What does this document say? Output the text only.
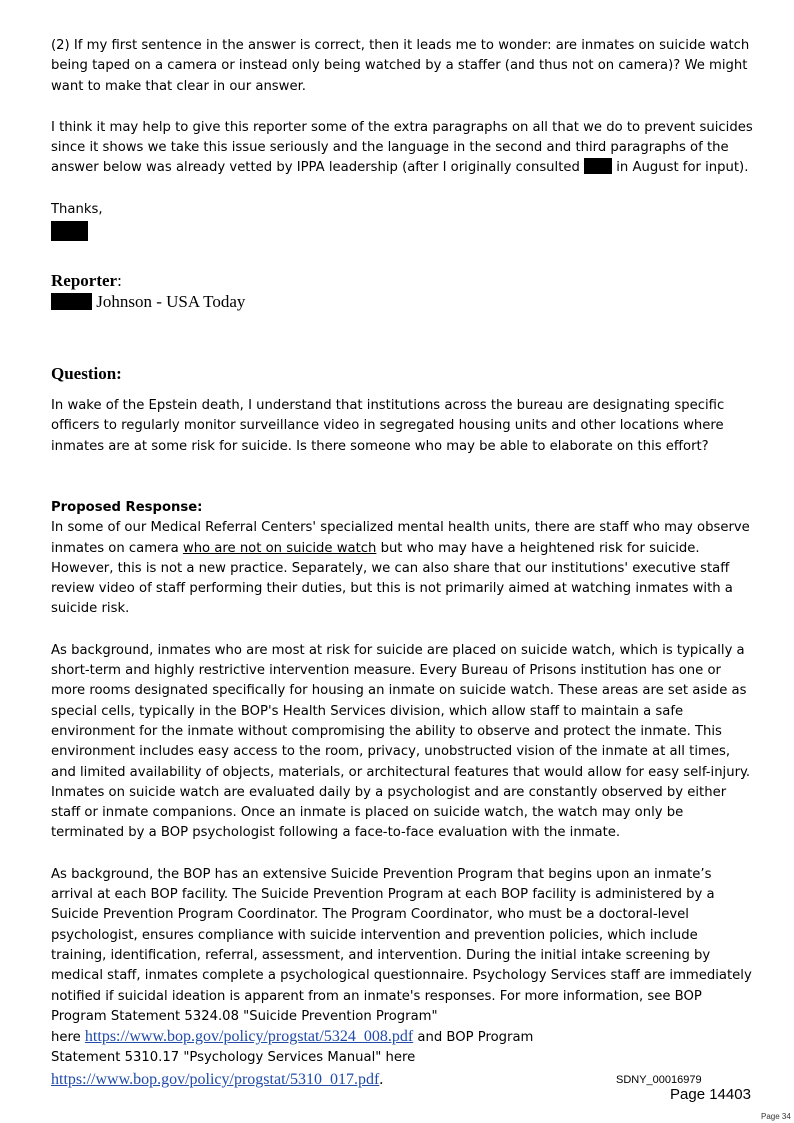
(2) If my first sentence in the answer is correct, then it leads me to wonder: are inmates on suicide watch being taped on a camera or instead only being watched by a staffer (and thus not on camera)? We might want to make that clear in our answer.

I think it may help to give this reporter some of the extra paragraphs on all that we do to prevent suicides since it shows we take this issue seriously and the language in the second and third paragraphs of the answer below was already vetted by IPPA leadership (after I originally consulted  in August for input).

Thanks,

Reporter:

Johnson - USA Today

Question:

In wake of the Epstein death, I understand that institutions across the bureau are designating specific officers to regularly monitor surveillance video in segregated housing units and other locations where inmates are at some risk for suicide. Is there someone who may be able to elaborate on this effort?

Proposed Response:

In some of our Medical Referral Centers' specialized mental health units, there are staff who may observe inmates on camera who are not on suicide watch but who may have a heightened risk for suicide. However, this is not a new practice. Separately, we can also share that our institutions' executive staff review video of staff performing their duties, but this is not primarily aimed at watching inmates with a suicide risk.

As background, inmates who are most at risk for suicide are placed on suicide watch, which is typically a short-term and highly restrictive intervention measure. Every Bureau of Prisons institution has one or more rooms designated specifically for housing an inmate on suicide watch. These areas are set aside as special cells, typically in the BOP's Health Services division, which allow staff to maintain a safe environment for the inmate without compromising the ability to observe and protect the inmate. This environment includes easy access to the room, privacy, unobstructed vision of the inmate at all times, and limited availability of objects, materials, or architectural features that would allow for easy self-injury. Inmates on suicide watch are evaluated daily by a psychologist and are constantly observed by either staff or inmate companions. Once an inmate is placed on suicide watch, the watch may only be terminated by a BOP psychologist following a face-to-face evaluation with the inmate.

As background, the BOP has an extensive Suicide Prevention Program that begins upon an inmate’s arrival at each BOP facility. The Suicide Prevention Program at each BOP facility is administered by a Suicide Prevention Program Coordinator. The Program Coordinator, who must be a doctoral-level psychologist, ensures compliance with suicide intervention and prevention policies, which include training, identification, referral, assessment, and intervention. During the initial intake screening by medical staff, inmates complete a psychological questionnaire. Psychology Services staff are immediately notified if suicidal ideation is apparent from an inmate's responses. For more information, see BOP Program Statement 5324.08 "Suicide Prevention Program"

here https://www.bop.gov/policy/progstat/5324_008.pdf and BOP Program

Statement 5310.17 "Psychology Services Manual" here

https://www.bop.gov/policy/progstat/5310_017.pdf.	SDNY_00016979
Page 14403
Page 34
